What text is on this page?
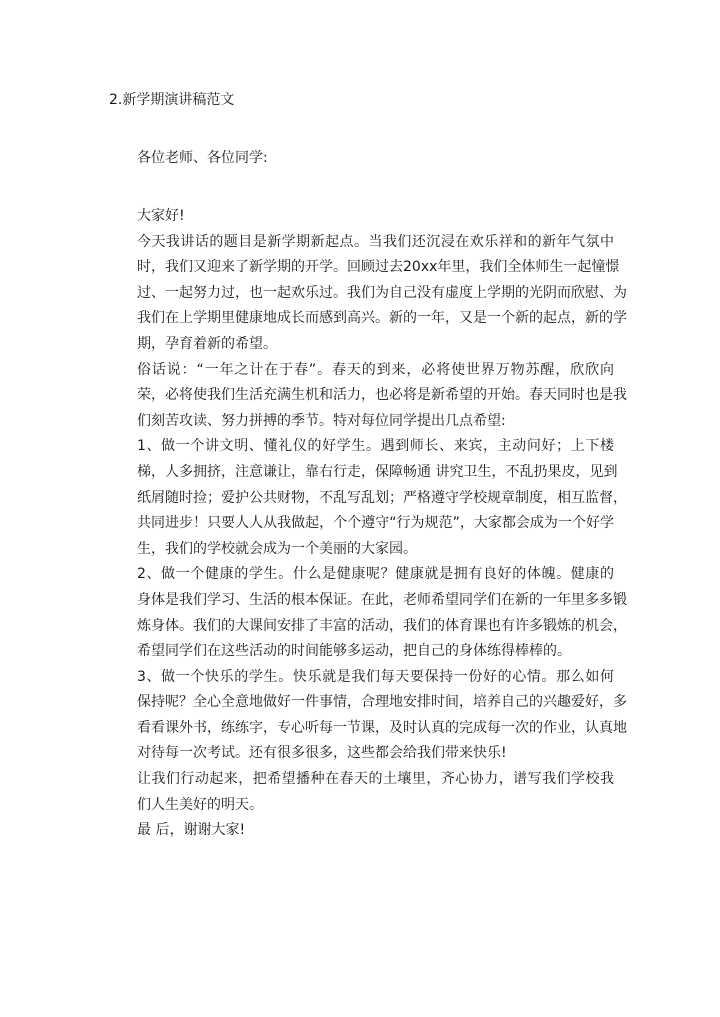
2.新学期演讲稿范文

各位老师、各位同学:

大家好!

今天我讲话的题目是新学期新起点。当我们还沉浸在欢乐祥和的新年气氛中
时，我们又迎来了新学期的开学。回顾过去20xx年里，我们全体师生一起憧憬
过、一起努力过，也一起欢乐过。我们为自己没有虚度上学期的光阴而欣慰、为
我们在上学期里健康地成长而感到高兴。新的一年，又是一个新的起点，新的学
期，孕育着新的希望。

俗话说：“一年之计在于春”。春天的到来，必将使世界万物苏醒，欣欣向
荣，必将使我们生活充满生机和活力，也必将是新希望的开始。春天同时也是我
们刻苦攻读、努力拼搏的季节。特对每位同学提出几点希望:

1、做一个讲文明、懂礼仪的好学生。遇到师长、来宾，主动问好；上下楼
梯，人多拥挤，注意谦让，靠右行走，保障畅通 讲究卫生，不乱扔果皮，见到
纸屑随时捡；爱护公共财物，不乱写乱划；严格遵守学校规章制度，相互监督，
共同进步！只要人人从我做起，个个遵守“行为规范”，大家都会成为一个好学
生，我们的学校就会成为一个美丽的大家园。

2、做一个健康的学生。什么是健康呢？健康就是拥有良好的体魄。健康的
身体是我们学习、生活的根本保证。在此，老师希望同学们在新的一年里多多锻
炼身体。我们的大课间安排了丰富的活动，我们的体育课也有许多锻炼的机会，
希望同学们在这些活动的时间能够多运动，把自己的身体练得棒棒的。

3、做一个快乐的学生。快乐就是我们每天要保持一份好的心情。那么如何
保持呢？全心全意地做好一件事情，合理地安排时间，培养自己的兴趣爱好，多
看看课外书，练练字，专心听每一节课，及时认真的完成每一次的作业，认真地
对待每一次考试。还有很多很多，这些都会给我们带来快乐!

让我们行动起来，把希望播种在春天的土壤里，齐心协力，谱写我们学校我
们人生美好的明天。

最 后，谢谢大家!
